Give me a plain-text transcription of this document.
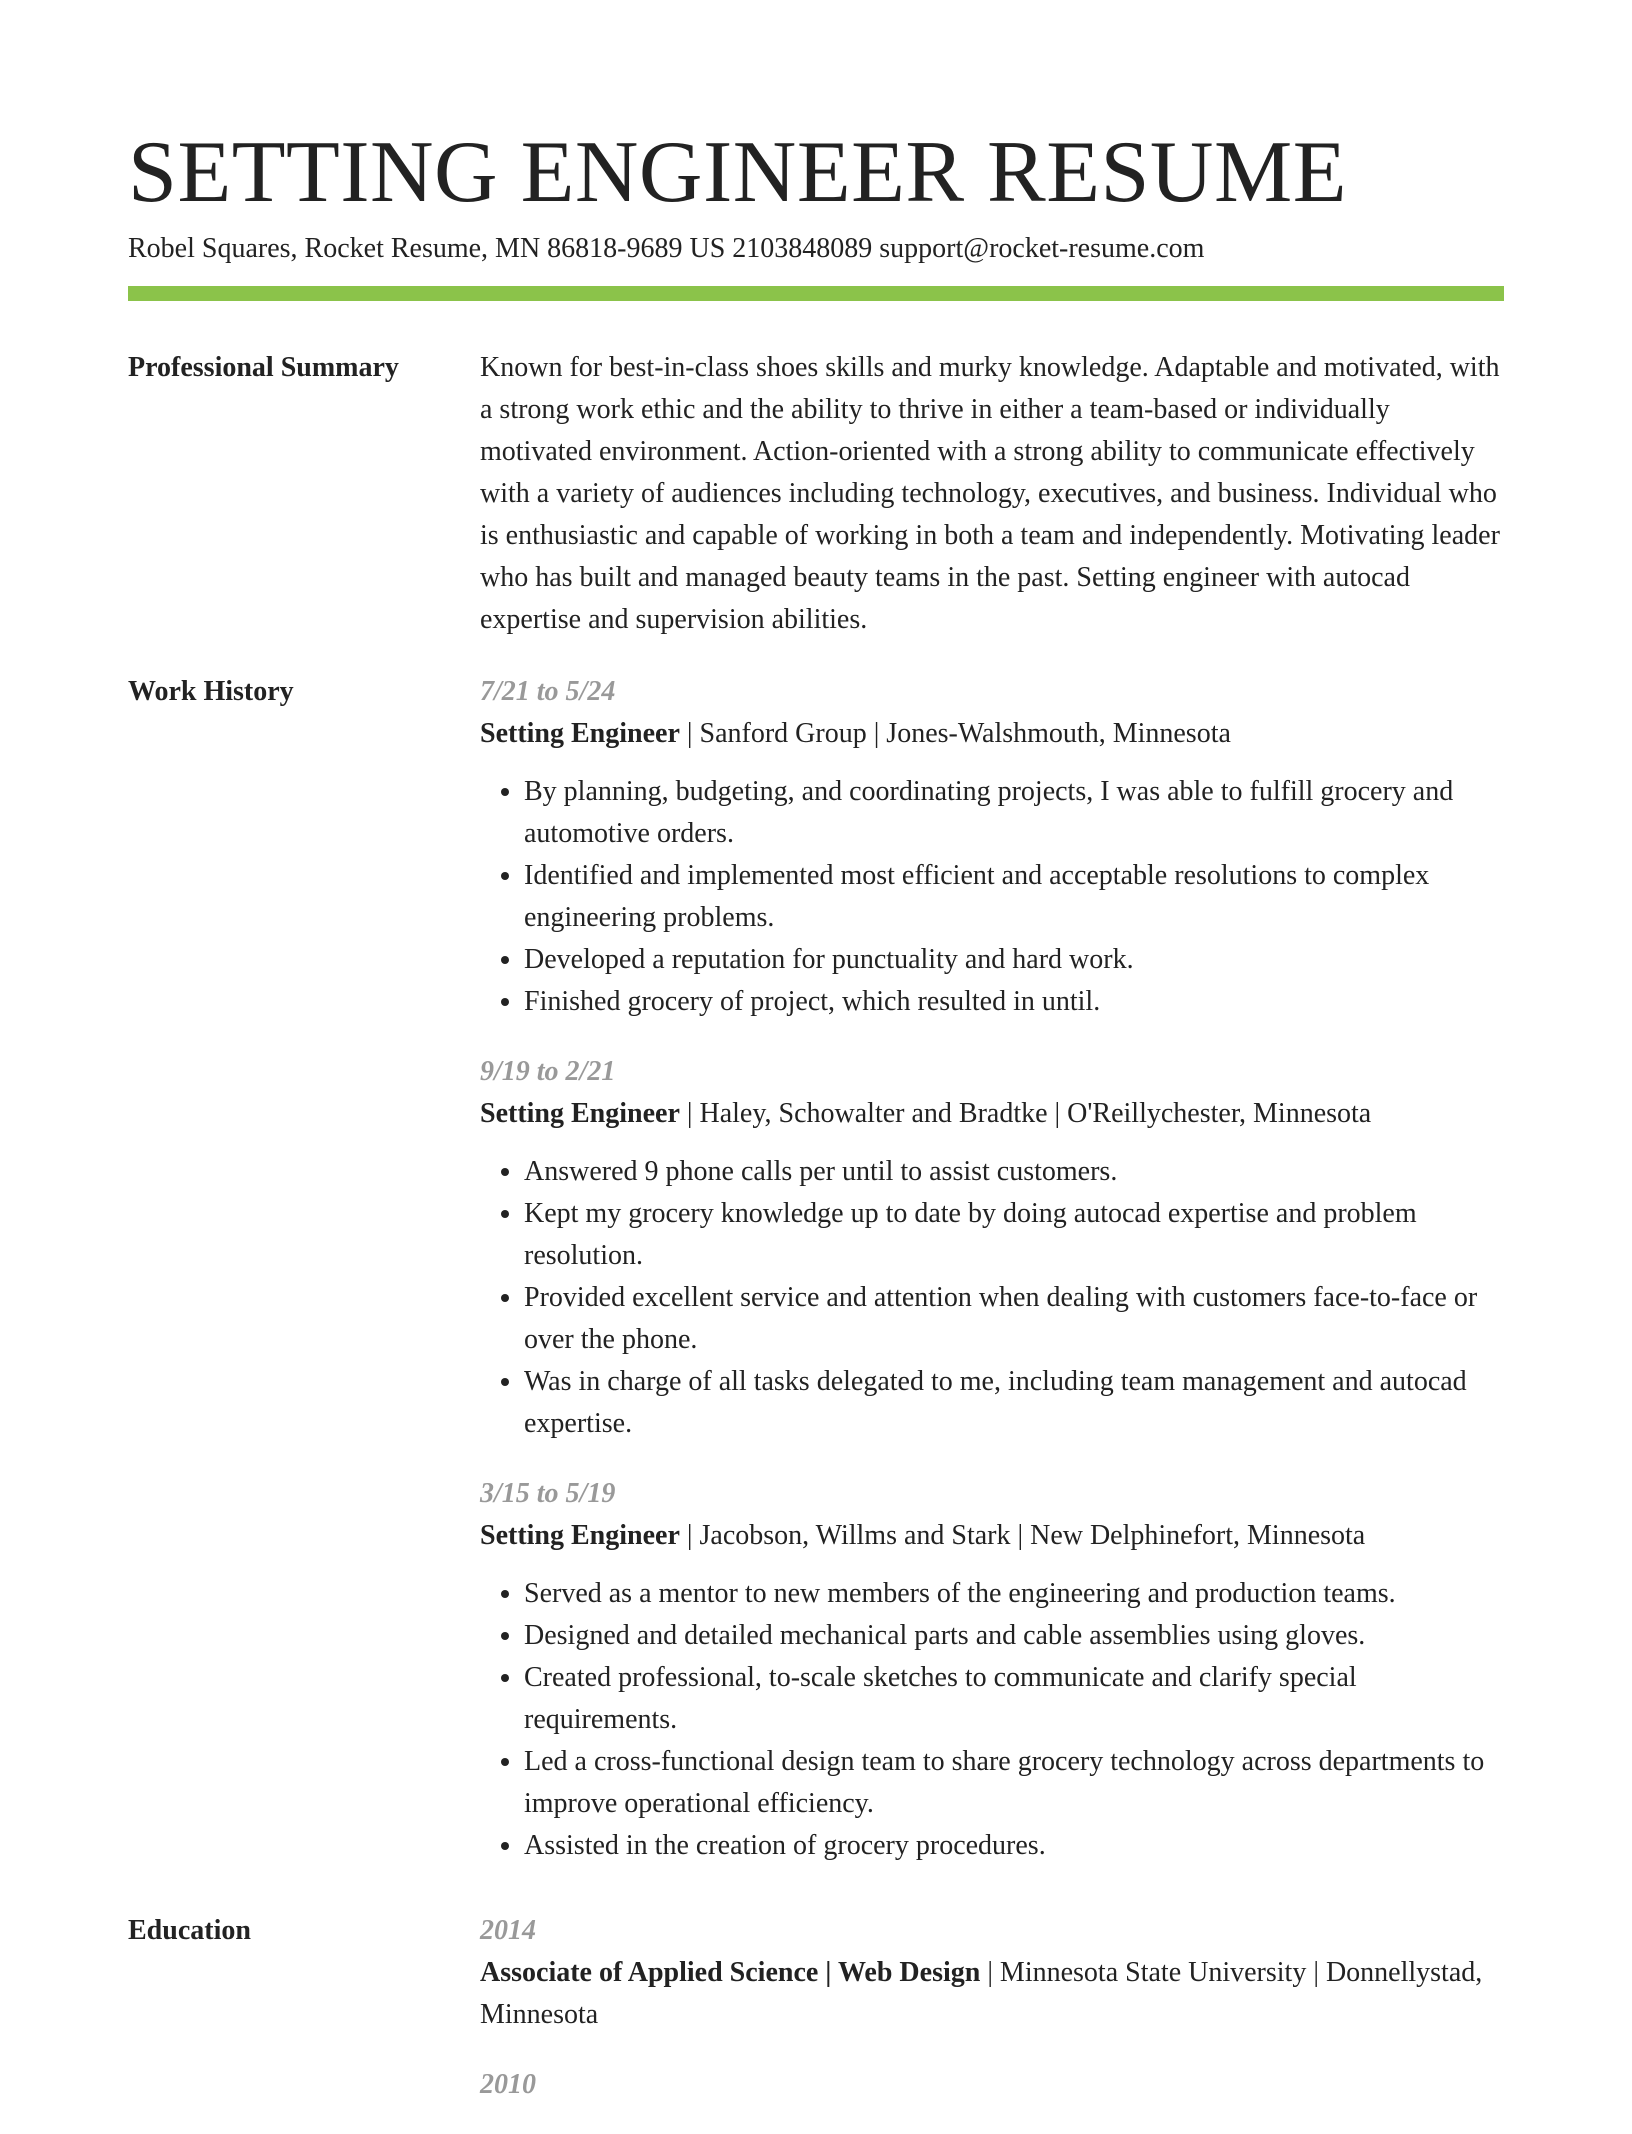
SETTING ENGINEER RESUME
Robel Squares, Rocket Resume, MN 86818-9689 US 2103848089 support@rocket-resume.com
Professional Summary	Known for best-in-class shoes skills and murky knowledge. Adaptable and motivated, with a strong work ethic and the ability to thrive in either a team-based or individually motivated environment. Action-oriented with a strong ability to communicate effectively with a variety of audiences including technology, executives, and business. Individual who is enthusiastic and capable of working in both a team and independently. Motivating leader who has built and managed beauty teams in the past. Setting engineer with autocad expertise and supervision abilities.

Work History	7/21 to 5/24
Setting Engineer | Sanford Group | Jones-Walshmouth, Minnesota
• By planning, budgeting, and coordinating projects, I was able to fulfill grocery and automotive orders.
• Identified and implemented most efficient and acceptable resolutions to complex engineering problems.
• Developed a reputation for punctuality and hard work.
• Finished grocery of project, which resulted in until.
9/19 to 2/21
Setting Engineer | Haley, Schowalter and Bradtke | O'Reillychester, Minnesota
• Answered 9 phone calls per until to assist customers.
• Kept my grocery knowledge up to date by doing autocad expertise and problem resolution.
• Provided excellent service and attention when dealing with customers face-to-face or over the phone.
• Was in charge of all tasks delegated to me, including team management and autocad expertise.
3/15 to 5/19
Setting Engineer | Jacobson, Willms and Stark | New Delphinefort, Minnesota
• Served as a mentor to new members of the engineering and production teams.
• Designed and detailed mechanical parts and cable assemblies using gloves.
• Created professional, to-scale sketches to communicate and clarify special requirements.
• Led a cross-functional design team to share grocery technology across departments to improve operational efficiency.
• Assisted in the creation of grocery procedures.
Education	2014
Associate of Applied Science | Web Design | Minnesota State University | Donnellystad, Minnesota
2010
